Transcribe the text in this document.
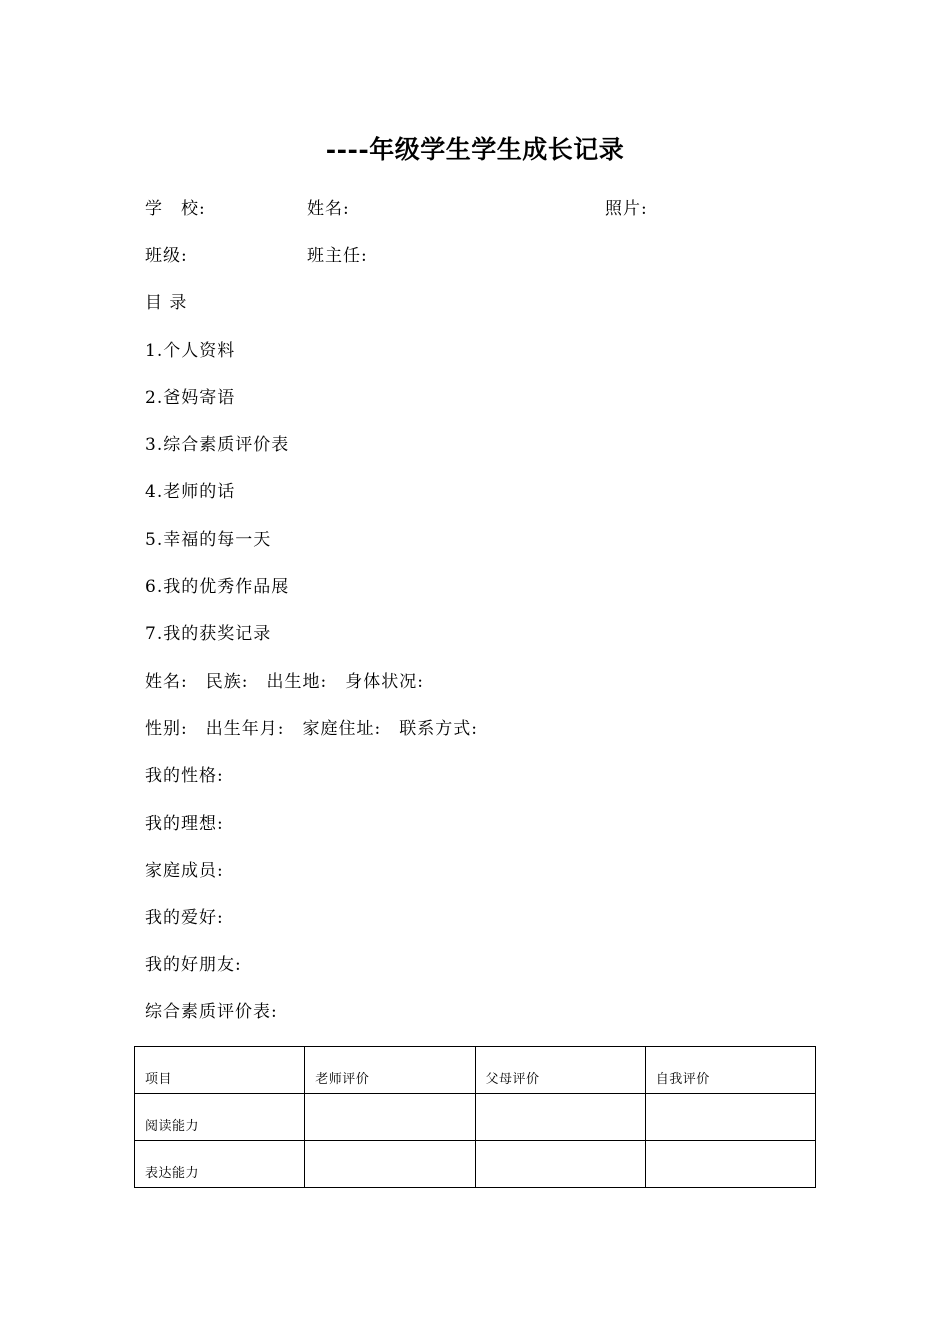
----年级学生学生成长记录
学　校:	姓名:	照片:
班级:	班主任:
目 录
1.个人资料
2.爸妈寄语
3.综合素质评价表
4.老师的话
5.幸福的每一天
6.我的优秀作品展
7.我的获奖记录
姓名: 民族: 出生地: 身体状况:
性别: 出生年月: 家庭住址: 联系方式:
我的性格:
我的理想:
家庭成员:
我的爱好:
我的好朋友:
综合素质评价表:
项目	老师评价	父母评价	自我评价
阅读能力			
表达能力			
